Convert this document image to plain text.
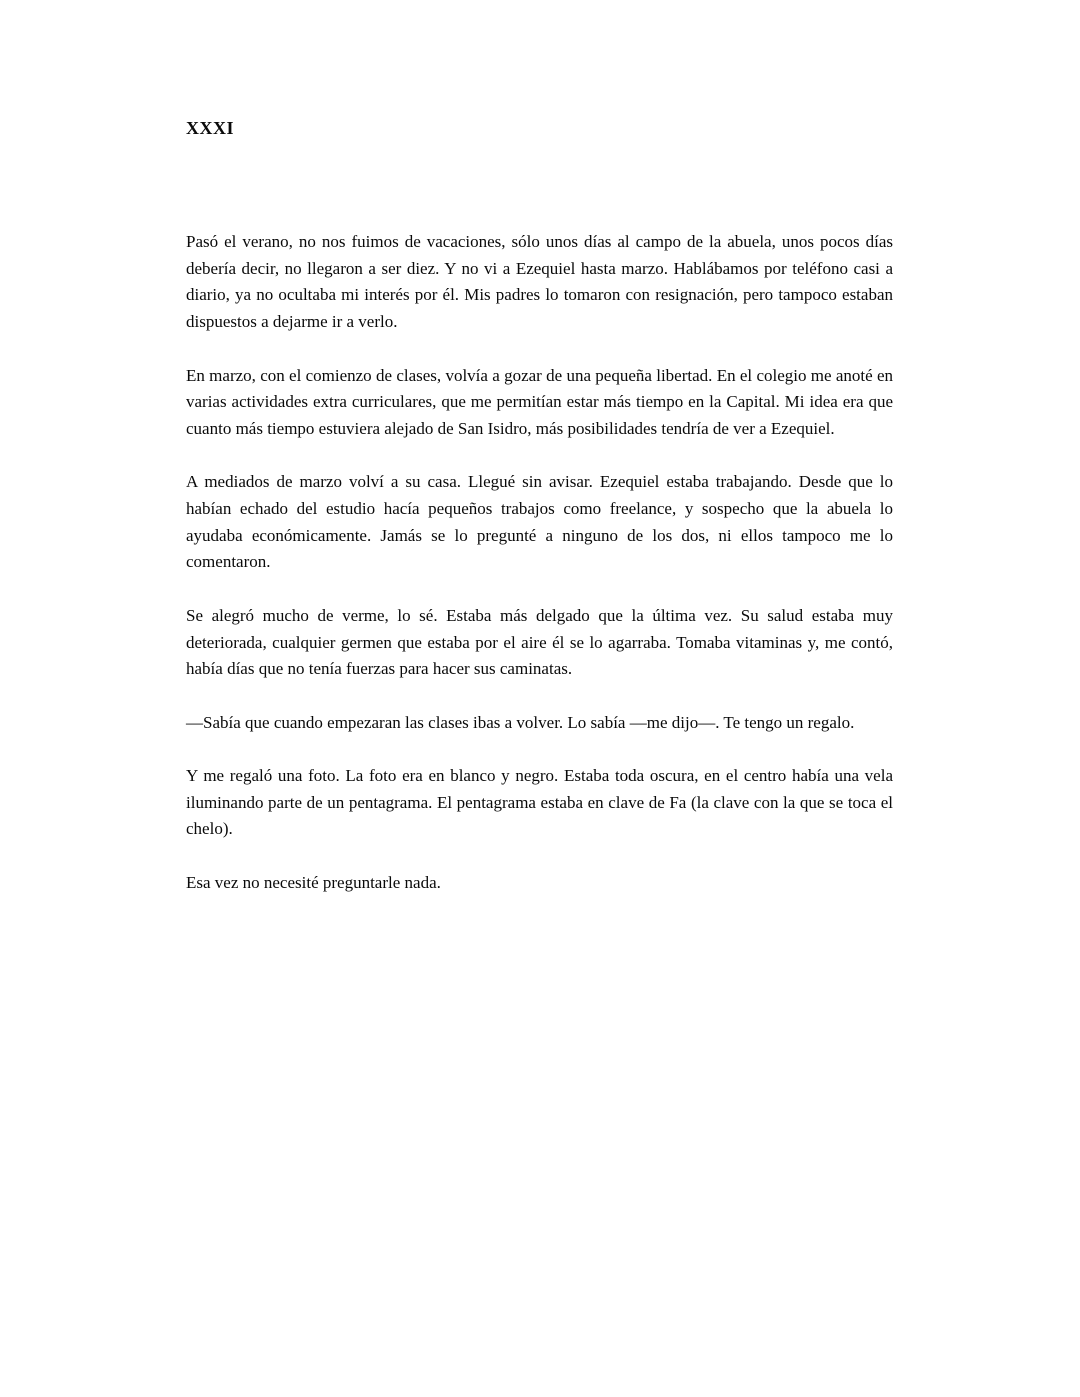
XXXI

Pasó el verano, no nos fuimos de vacaciones, sólo unos días al campo de la abuela, unos pocos días debería decir, no llegaron a ser diez. Y no vi a Ezequiel hasta marzo. Hablábamos por teléfono casi a diario, ya no ocultaba mi interés por él. Mis padres lo tomaron con resignación, pero tampoco estaban dispuestos a dejarme ir a verlo.

En marzo, con el comienzo de clases, volvía a gozar de una pequeña libertad. En el colegio me anoté en varias actividades extra curriculares, que me permitían estar más tiempo en la Capital. Mi idea era que cuanto más tiempo estuviera alejado de San Isidro, más posibilidades tendría de ver a Ezequiel.

A mediados de marzo volví a su casa. Llegué sin avisar. Ezequiel estaba trabajando. Desde que lo habían echado del estudio hacía pequeños trabajos como freelance, y sospecho que la abuela lo ayudaba económicamente. Jamás se lo pregunté a ninguno de los dos, ni ellos tampoco me lo comentaron.

Se alegró mucho de verme, lo sé. Estaba más delgado que la última vez. Su salud estaba muy deteriorada, cualquier germen que estaba por el aire él se lo agarraba. Tomaba vitaminas y, me contó, había días que no tenía fuerzas para hacer sus caminatas.

—Sabía que cuando empezaran las clases ibas a volver. Lo sabía —me dijo—. Te tengo un regalo.

Y me regaló una foto. La foto era en blanco y negro. Estaba toda oscura, en el centro había una vela iluminando parte de un pentagrama. El pentagrama estaba en clave de Fa (la clave con la que se toca el chelo).

Esa vez no necesité preguntarle nada.
